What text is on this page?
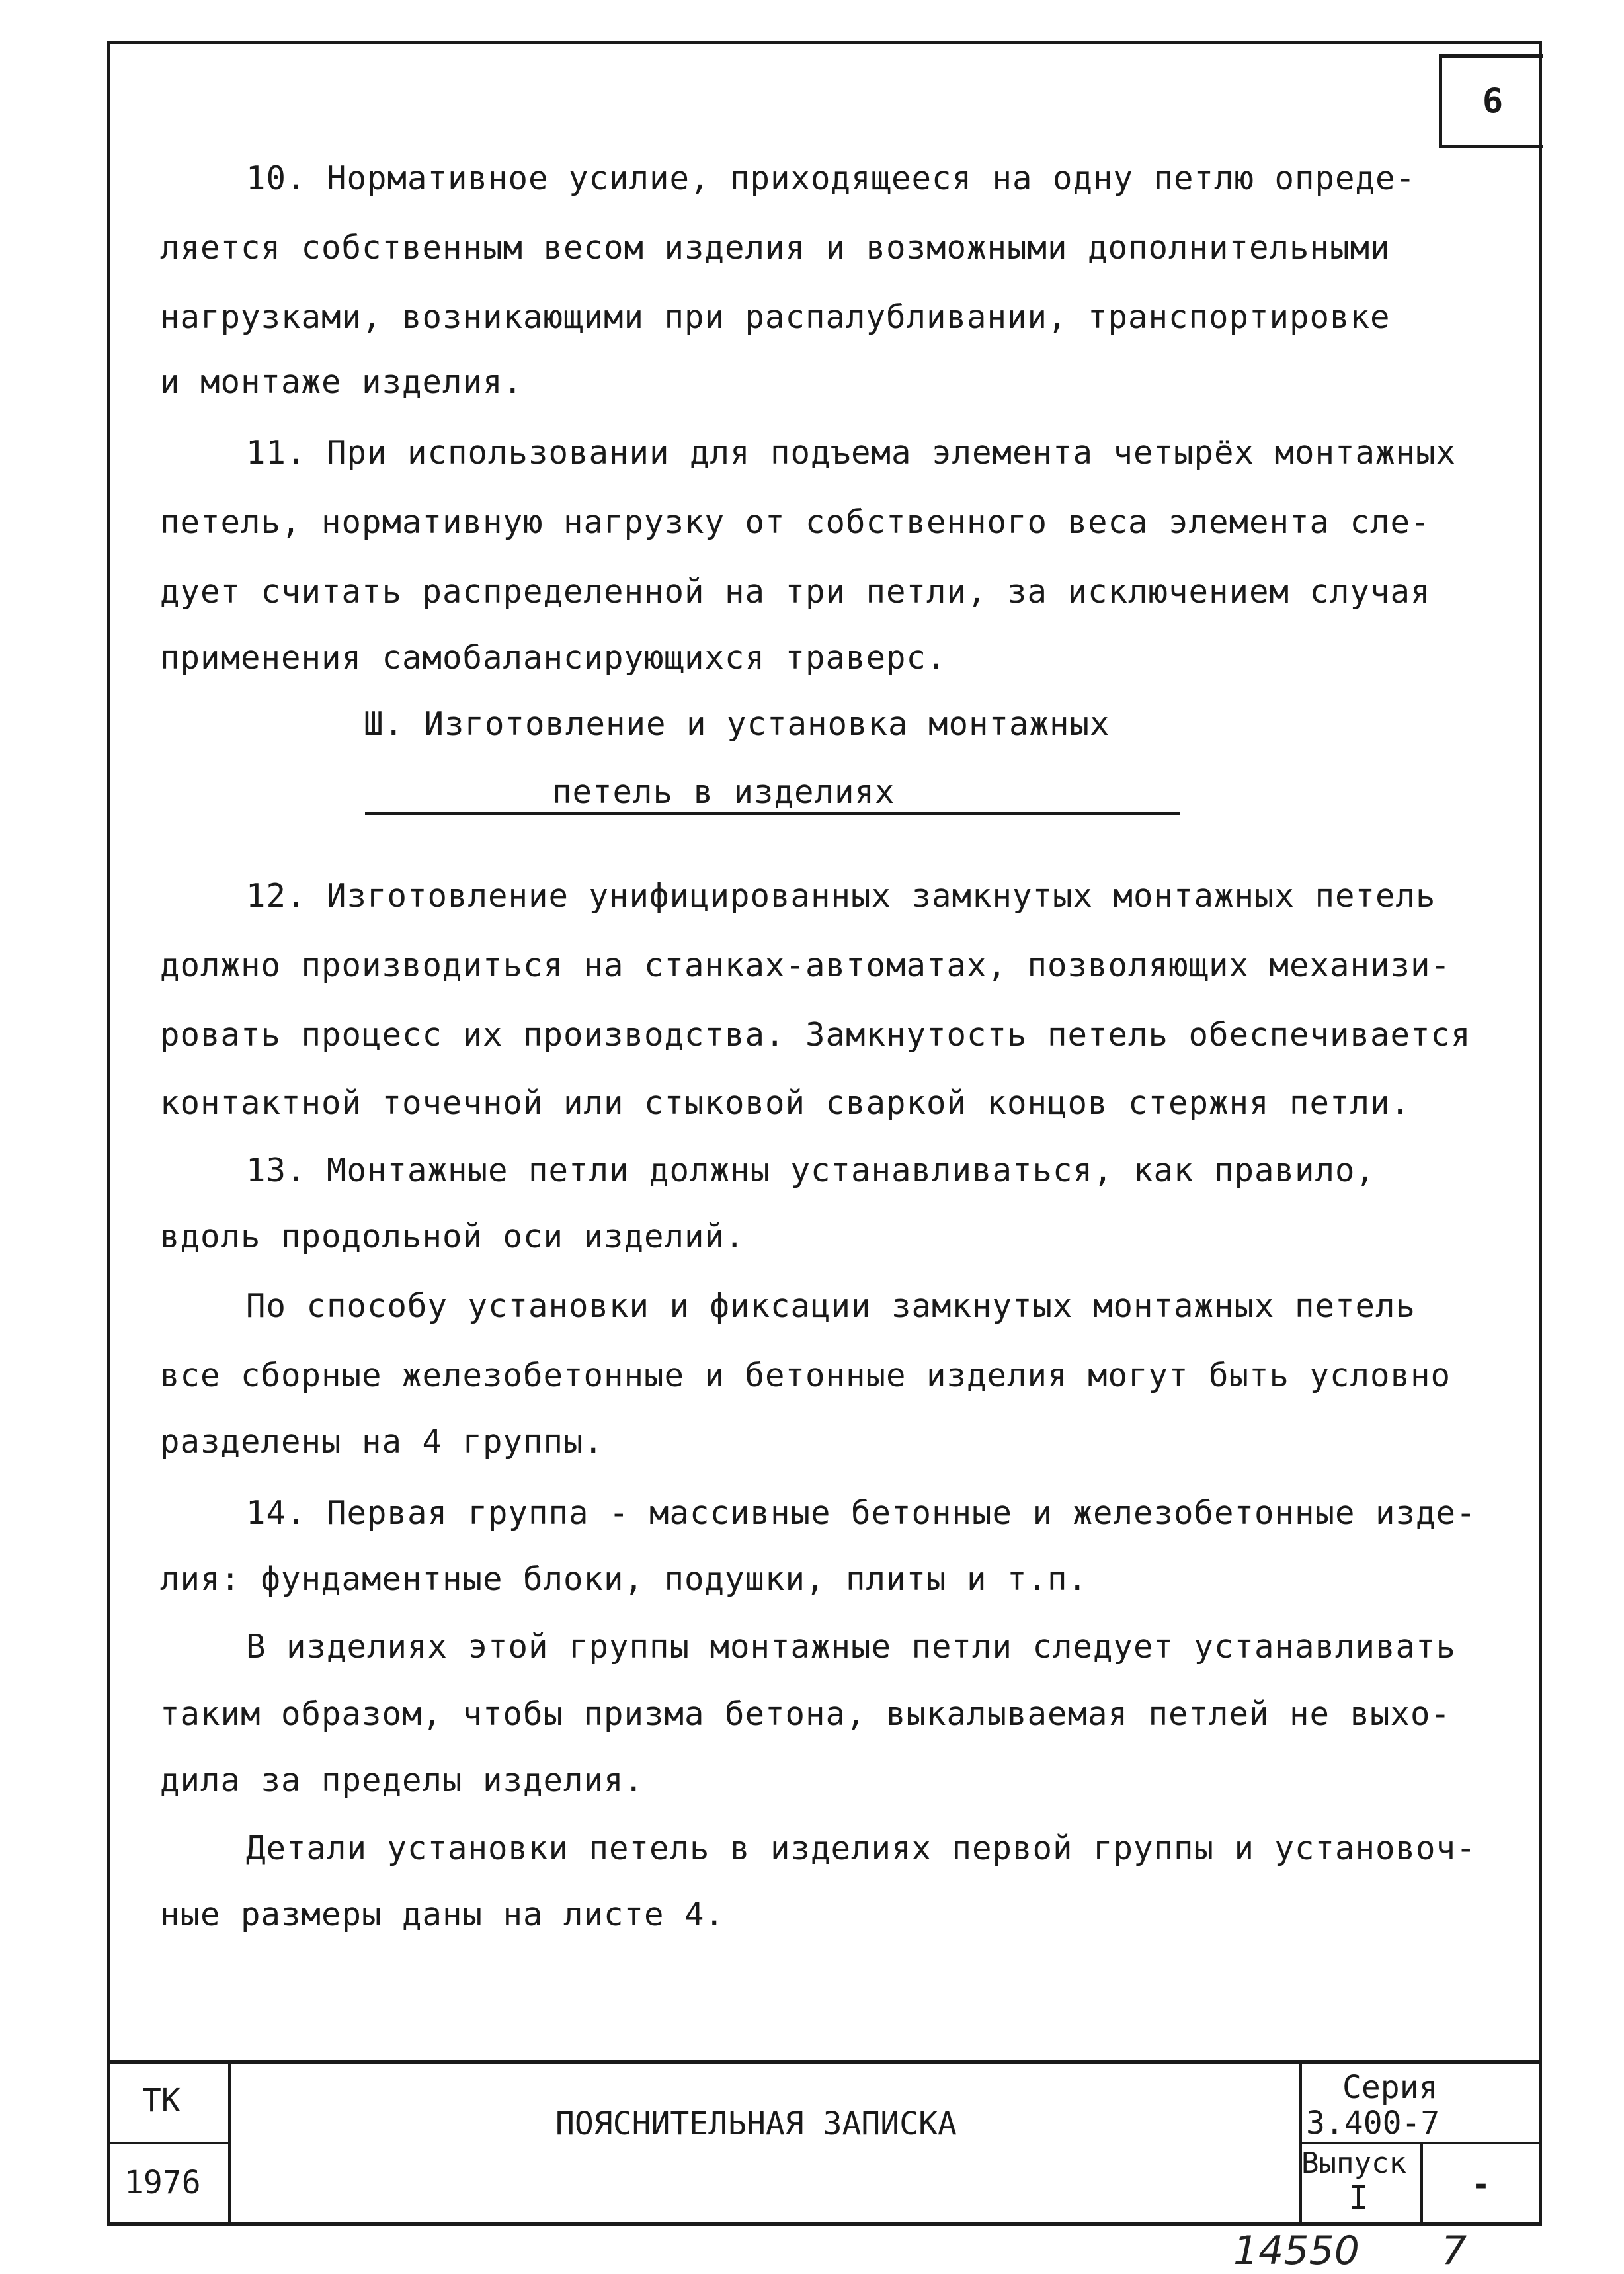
6
10. Нормативное усилие, приходящееся на одну петлю опреде-
ляется собственным весом изделия и возможными дополнительными
нагрузками, возникающими при распалубливании, транспортировке
и монтаже изделия.
11. При использовании для подъема элемента четырёх монтажных
петель, нормативную нагрузку от собственного веса элемента сле-
дует считать распределенной на три петли, за исключением случая
применения самобалансирующихся траверс.
Ш. Изготовление и установка монтажных
петель в изделиях
12. Изготовление унифицированных замкнутых монтажных петель
должно производиться на станках-автоматах, позволяющих механизи-
ровать процесс их производства. Замкнутость петель обеспечивается
контактной точечной или стыковой сваркой концов стержня петли.
13. Монтажные петли должны устанавливаться, как правило,
вдоль продольной оси изделий.
По способу установки и фиксации замкнутых монтажных петель
все сборные железобетонные и бетонные изделия могут быть условно
разделены на 4 группы.
14. Первая группа - массивные бетонные и железобетонные изде-
лия: фундаментные блоки, подушки, плиты и т.п.
В изделиях этой группы монтажные петли следует устанавливать
таким образом, чтобы призма бетона, выкалываемая петлей не выхо-
дила за пределы изделия.
Детали установки петель в изделиях первой группы и установоч-
ные размеры даны на листе 4.
ТК
1976
ПОЯСНИТЕЛЬНАЯ ЗАПИСКА
Серия
3.400-7
Выпуск
I	-
14550 7
